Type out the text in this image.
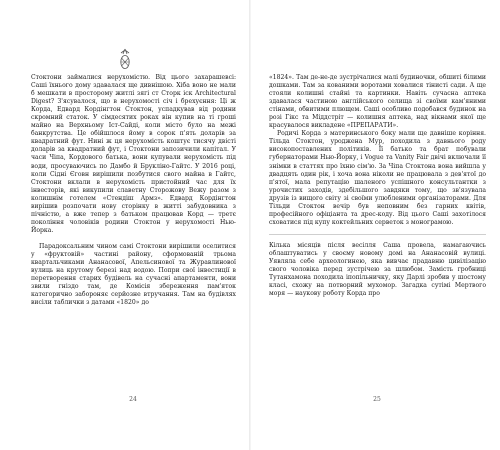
Стоктони займалися нерухомістю. Від цього захарашевсі: Саші їхнього дому здавалася ще дивнішою. Хіба воно не мали б мешкати в просторому житлі зягі ст Сторк іск Architectural Digest? З'ясувалося, що в нерухомості січ і брехуєння: Ці ж Корда, Едвард Кордінгтон Стоктон, успадкував від родини скромний статок. У сімдесятих роках він купив на ті гроші майно на Верхньому Іст-Сайді, коли місто було на межі банкрутства. Це обійшлося йому в сорок п'ять доларів за квадратний фут. Нині ж ця нерухомість коштує тисячу двісті доларів за квадратний фут, і Стоктони запозичили капітал. У часи Чіпа, Кордового батька, вони купували нерухомість під води, просуваючись по Дамбо й Брукліно-Гайтс. У 2016 році, коли Сідні Єговн вирішили позбутися свого майна в Гайтс, Стоктони вклали в нерухомість пристойний час для їх інвесторів, які викупили славетну Сторожову Вежу разом з колишнім готелем «Стендіш Армз». Едвард Кордінгтон вирішив розпочати нову сторінку в житті забудовника з пічністю, а вже тепер з батьком працював Корд — третє покоління чоловіків родини Стоктон у нерухомості Нью-Йорка.

Парадоксальним чином самі Стоктони вирішили оселитися у «фруктовій» частині району, сформованій трьома квартальчиками Ананасової, Апельсинової та Журавлинової вулиць на крутому березі над водою. Попри свої інвестиції в перетворення старих будівель на сучасні апартаменти, вони звили гніздо там, де Комісія збереження пам'яток категорично забороняє серйозне втручання. Там на будівлях висіли таблички з датами «1820» до

24

«1824». Там де-не-де зустрічалися малі будиночки, обшиті білими дошками. Там за кованими воротами ховалися тінисті сади. А ще стояли колишні стайні та картинки. Навіть сучасна аптека здавалася частиною англійського селища зі своїми кам'яними стінами, обвитими плющем. Саші особливо подобався будинок на розі Гікс та Міддстріт — колишня аптека, над вікнами якої ще красувалося викладене «ПРЕПАРАТИ».

Родичі Корда з материнського боку мали ще давніше коріння. Тільда Стоктон, уроджена Мур, походила з давнього роду високопоставлених політиків. Її батько та брат побували губернаторами Нью-Йорку, і Vogue та Vanity Fair двічі включали її знімки в статтях про їхню сім'ю. За Чіпа Стоктона вона вийшла у двадцять один рік, і хоча вона ніколи не працювала з дев'ятої до п'ятої, мала репутацію шаленого успішного консультантки з урочистих заходів, здебільшого завдяки тому, що зв'язувала друзів із вищого світу зі своїми улюбленими організаторами. Для Тільди Стоктон вечір був неповним без гарних квітів, професійного офіціанта та дрес-коду. Від цього Саші захотілося сховатися під купу коктейльних серветок з монограмою.

Кілька місяців після весілля Саша провела, намагаючись облаштуватись у своєму новому домі на Ананасовій вулиці. Уявляла себе археологинею, яка вивчає прадавню цивілізацію свого чоловіка перед зустрічею за шлюбом. Замість гробниці Тутанхамона походила іпопільничку, яку Дарлі зробив у шостому класі, схожу на потворний мухомор. Загадка сутімі Мертвого моря — наукову роботу Корда про

25
